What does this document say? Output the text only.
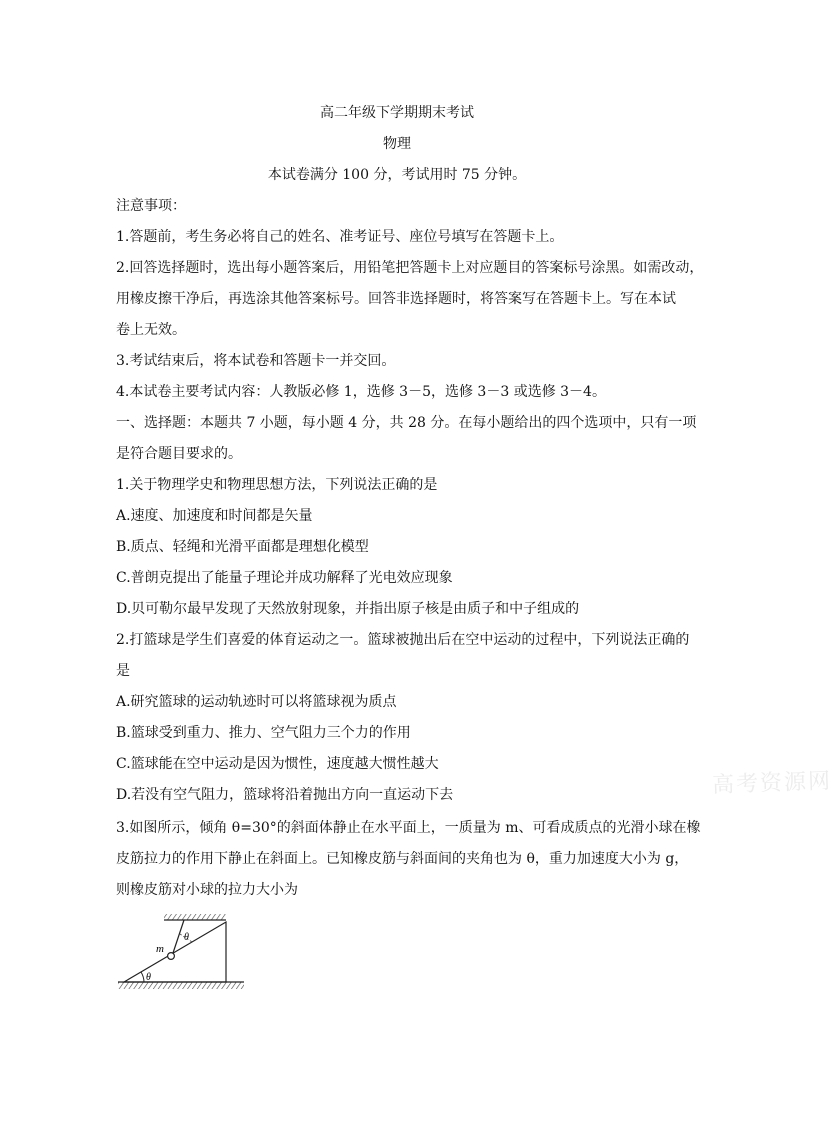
高二年级下学期期末考试
物理
本试卷满分 100 分，考试用时 75 分钟。
注意事项：
1.答题前，考生务必将自己的姓名、准考证号、座位号填写在答题卡上。
2.回答选择题时，选出每小题答案后，用铅笔把答题卡上对应题目的答案标号涂黑。如需改动，
用橡皮擦干净后，再选涂其他答案标号。回答非选择题时，将答案写在答题卡上。写在本试
卷上无效。
3.考试结束后，将本试卷和答题卡一并交回。
4.本试卷主要考试内容：人教版必修 1，选修 3－5，选修 3－3 或选修 3－4。
一、选择题：本题共 7 小题，每小题 4 分，共 28 分。在每小题给出的四个选项中，只有一项
是符合题目要求的。
1.关于物理学史和物理思想方法，下列说法正确的是
A.速度、加速度和时间都是矢量
B.质点、轻绳和光滑平面都是理想化模型
C.普朗克提出了能量子理论并成功解释了光电效应现象
D.贝可勒尔最早发现了天然放射现象，并指出原子核是由质子和中子组成的
2.打篮球是学生们喜爱的体育运动之一。篮球被抛出后在空中运动的过程中，下列说法正确的
是
A.研究篮球的运动轨迹时可以将篮球视为质点
B.篮球受到重力、推力、空气阻力三个力的作用
C.篮球能在空中运动是因为惯性，速度越大惯性越大
D.若没有空气阻力，篮球将沿着抛出方向一直运动下去	高考资源网
3.如图所示，倾角 θ=30°的斜面体静止在水平面上，一质量为 m、可看成质点的光滑小球在橡
皮筋拉力的作用下静止在斜面上。已知橡皮筋与斜面间的夹角也为 θ，重力加速度大小为 g，
则橡皮筋对小球的拉力大小为
m
θ
θ
